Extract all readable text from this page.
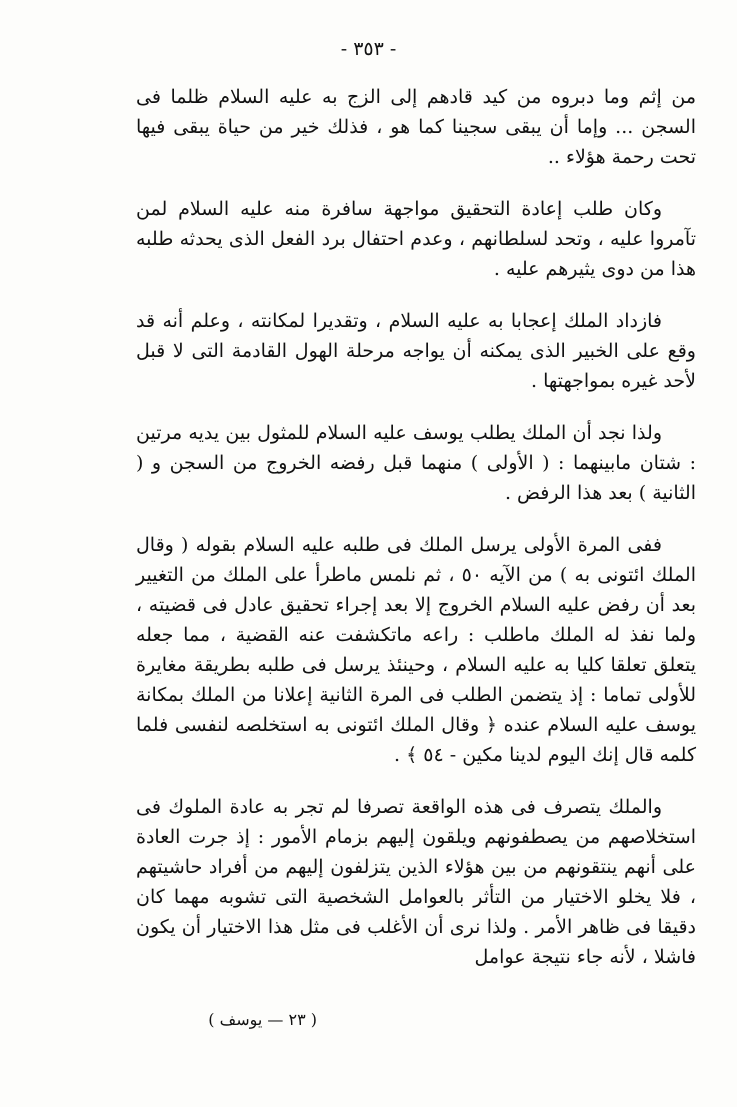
- ٣٥٣ -

من إثم وما دبروه من كيد قادهم إلى الزج به عليه السلام ظلما فى السجن ... وإما أن يبقى سجينا كما هو ، فذلك خير من حياة يبقى فيها تحت رحمة هؤلاء ..

وكان طلب إعادة التحقيق مواجهة سافرة منه عليه السلام لمن تآمروا عليه ، وتحد لسلطانهم ، وعدم احتفال برد الفعل الذى يحدثه طلبه هذا من دوى يثيرهم عليه .

فازداد الملك إعجابا به عليه السلام ، وتقديرا لمكانته ، وعلم أنه قد وقع على الخبير الذى يمكنه أن يواجه مرحلة الهول القادمة التى لا قبل لأحد غيره بمواجهتها .

ولذا نجد أن الملك يطلب يوسف عليه السلام للمثول بين يديه مرتين : شتان مابينهما : ( الأولى ) منهما قبل رفضه الخروج من السجن و ( الثانية ) بعد هذا الرفض .

ففى المرة الأولى يرسل الملك فى طلبه عليه السلام بقوله ( وقال الملك ائتونى به ) من الآيه ٥٠ ، ثم نلمس ماطرأ على الملك من التغيير بعد أن رفض عليه السلام الخروج إلا بعد إجراء تحقيق عادل فى قضيته ، ولما نفذ له الملك ماطلب : راعه ماتكشفت عنه القضية ، مما جعله يتعلق تعلقا كليا به عليه السلام ، وحينئذ يرسل فى طلبه بطريقة مغايرة للأولى تماما : إذ يتضمن الطلب فى المرة الثانية إعلانا من الملك بمكانة يوسف عليه السلام عنده ﴿ وقال الملك ائتونى به استخلصه لنفسى فلما كلمه قال إنك اليوم لدينا مكين - ٥٤ ﴾ .

والملك يتصرف فى هذه الواقعة تصرفا لم تجر به عادة الملوك فى استخلاصهم من يصطفونهم ويلقون إليهم بزمام الأمور : إذ جرت العادة على أنهم ينتقونهم من بين هؤلاء الذين يتزلفون إليهم من أفراد حاشيتهم ، فلا يخلو الاختيار من التأثر بالعوامل الشخصية التى تشوبه مهما كان دقيقا فى ظاهر الأمر . ولذا نرى أن الأغلب فى مثل هذا الاختيار أن يكون فاشلا ، لأنه جاء نتيجة عوامل

( ٢٣ — يوسف )
